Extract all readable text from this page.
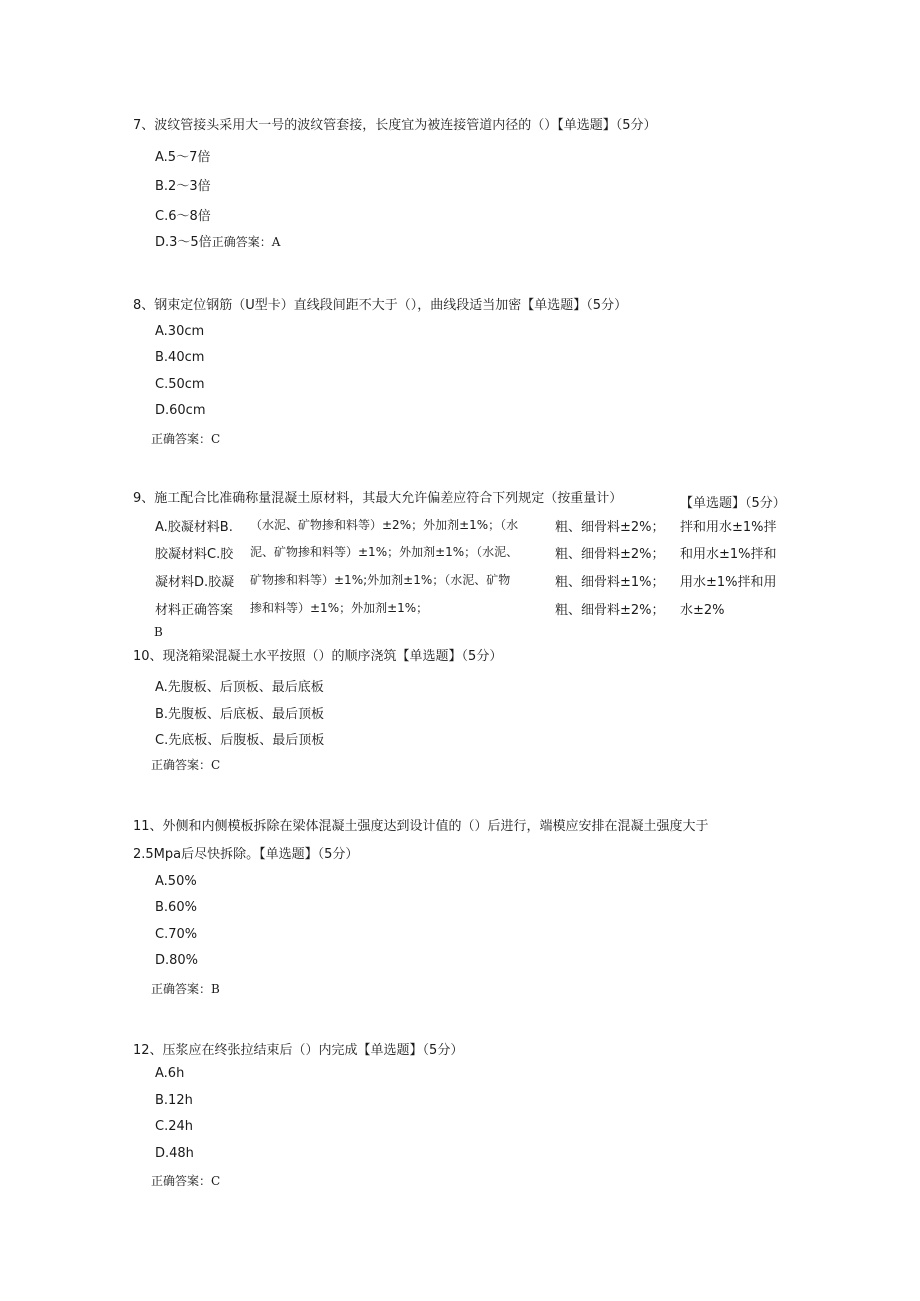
7、波纹管接头采用大一号的波纹管套接，长度宜为被连接管道内径的（）【单选题】（5分）
A.5～7倍
B.2～3倍
C.6～8倍
D.3～5倍正确答案：A
8、钢束定位钢筋（U型卡）直线段间距不大于（），曲线段适当加密【单选题】（5分）
A.30cm
B.40cm
C.50cm
D.60cm
正确答案：C
9、施工配合比准确称量混凝土原材料，其最大允许偏差应符合下列规定（按重量计）	【单选题】（5分）
A.胶凝材料B.
胶凝材料C.胶
凝材料D.胶凝
材料正确答案
（水泥、矿物掺和料等）±2%；外加剂±1%；（水
泥、矿物掺和料等）±1%；外加剂±1%；（水泥、
矿物掺和料等）±1%;外加剂±1%；（水泥、矿物
掺和料等）±1%；外加剂±1%；
粗、细骨料±2%；
粗、细骨料±2%；
粗、细骨料±1%；
粗、细骨料±2%；
拌和用水±1%拌
和用水±1%拌和
用水±1%拌和用
水±2%
B
10、现浇箱梁混凝土水平按照（）的顺序浇筑【单选题】（5分）
A.先腹板、后顶板、最后底板
B.先腹板、后底板、最后顶板
C.先底板、后腹板、最后顶板
正确答案：C
11、外侧和内侧模板拆除在梁体混凝土强度达到设计值的（）后进行，端模应安排在混凝土强度大于
2.5Mpa后尽快拆除。【单选题】（5分）
A.50%
B.60%
C.70%
D.80%
正确答案：B
12、压浆应在终张拉结束后（）内完成【单选题】（5分）
A.6h
B.12h
C.24h
D.48h
正确答案：C
